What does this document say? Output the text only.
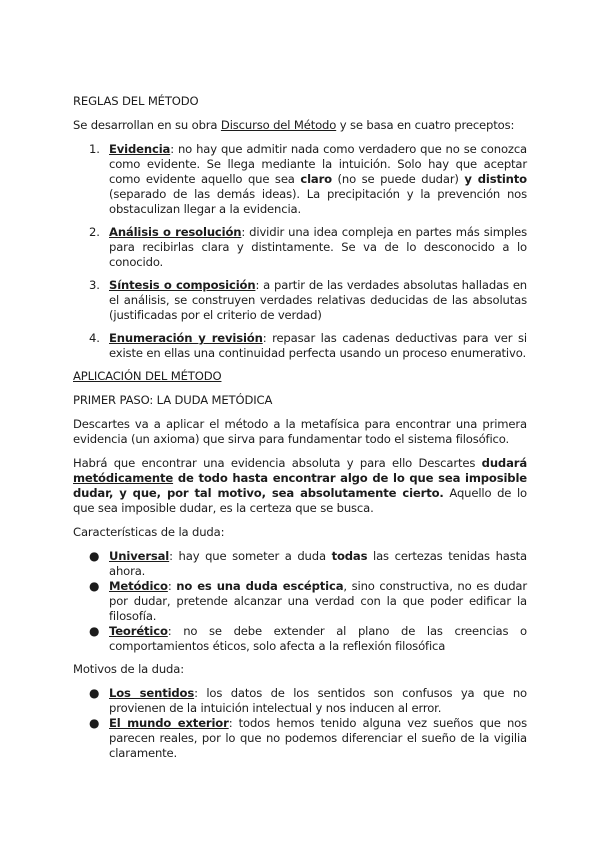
REGLAS DEL MÉTODO

Se desarrollan en su obra Discurso del Método y se basa en cuatro preceptos:

1. Evidencia: no hay que admitir nada como verdadero que no se conozca como evidente. Se llega mediante la intuición. Solo hay que aceptar como evidente aquello que sea claro (no se puede dudar) y distinto (separado de las demás ideas). La precipitación y la prevención nos obstaculizan llegar a la evidencia.
2. Análisis o resolución: dividir una idea compleja en partes más simples para recibirlas clara y distintamente. Se va de lo desconocido a lo conocido.
3. Síntesis o composición: a partir de las verdades absolutas halladas en el análisis, se construyen verdades relativas deducidas de las absolutas (justificadas por el criterio de verdad)
4. Enumeración y revisión: repasar las cadenas deductivas para ver si existe en ellas una continuidad perfecta usando un proceso enumerativo.

APLICACIÓN DEL MÉTODO

PRIMER PASO: LA DUDA METÓDICA

Descartes va a aplicar el método a la metafísica para encontrar una primera evidencia (un axioma) que sirva para fundamentar todo el sistema filosófico.

Habrá que encontrar una evidencia absoluta y para ello Descartes dudará metódicamente de todo hasta encontrar algo de lo que sea imposible dudar, y que, por tal motivo, sea absolutamente cierto. Aquello de lo que sea imposible dudar, es la certeza que se busca.

Características de la duda:

● Universal: hay que someter a duda todas las certezas tenidas hasta ahora.
● Metódico: no es una duda escéptica, sino constructiva, no es dudar por dudar, pretende alcanzar una verdad con la que poder edificar la filosofía.
● Teorético: no se debe extender al plano de las creencias o comportamientos éticos, solo afecta a la reflexión filosófica

Motivos de la duda:

● Los sentidos: los datos de los sentidos son confusos ya que no provienen de la intuición intelectual y nos inducen al error.
● El mundo exterior: todos hemos tenido alguna vez sueños que nos parecen reales, por lo que no podemos diferenciar el sueño de la vigilia claramente.
